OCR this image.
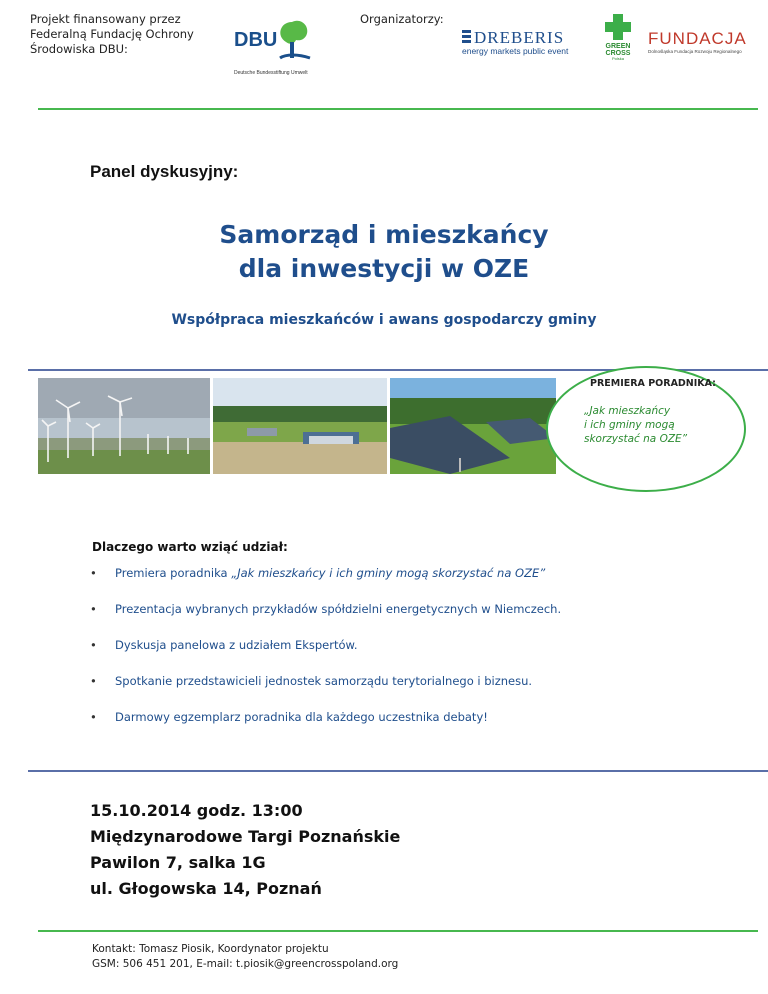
Projekt finansowany przez
Federalną Fundację Ochrony
Środowiska DBU:	DBU
Deutsche Bundesstiftung Umwelt
Organizatorzy:
DREBERIS
energy markets public event	GREEN
CROSS
Polska
FUNDACJA
Dolnośląska Fundacja Rozwoju Regionalnego
Panel dyskusyjny:
Samorząd i mieszkańcy
dla inwestycji w OZE
Współpraca mieszkańców i awans gospodarczy gminy
PREMIERA PORADNIKA:
„Jak mieszkańcy
i ich gminy mogą
skorzystać na OZE”
Dlaczego warto wziąć udział:
•	Premiera poradnika „Jak mieszkańcy i ich gminy mogą skorzystać na OZE”
•	Prezentacja wybranych przykładów spółdzielni energetycznych w Niemczech.
•	Dyskusja panelowa z udziałem Ekspertów.
•	Spotkanie przedstawicieli jednostek samorządu terytorialnego i biznesu.
•	Darmowy egzemplarz poradnika dla każdego uczestnika debaty!
15.10.2014 godz. 13:00
Międzynarodowe Targi Poznańskie
Pawilon 7, salka 1G
ul. Głogowska 14, Poznań
Kontakt: Tomasz Piosik, Koordynator projektu
GSM: 506 451 201, E-mail: t.piosik@greencrosspoland.org
